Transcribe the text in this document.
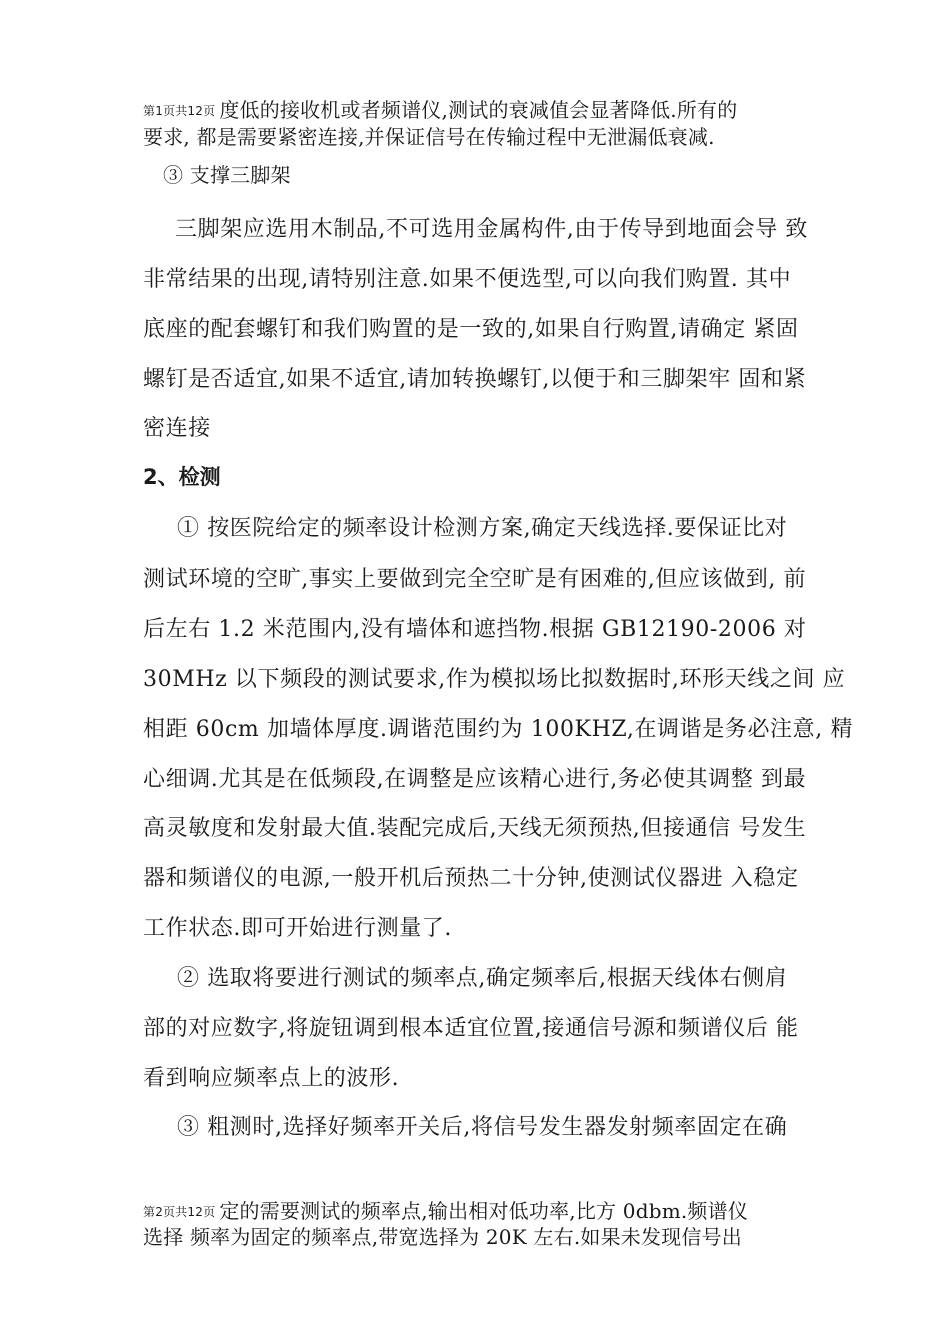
第1页共12页 度低的接收机或者频谱仪,测试的衰减值会显著降低.所有的
要求, 都是需要紧密连接,并保证信号在传输过程中无泄漏低衰减.
③ 支撑三脚架
三脚架应选用木制品,不可选用金属构件,由于传导到地面会导 致
非常结果的出现,请特别注意.如果不便选型,可以向我们购置. 其中
底座的配套螺钉和我们购置的是一致的,如果自行购置,请确定 紧固
螺钉是否适宜,如果不适宜,请加转换螺钉,以便于和三脚架牢 固和紧
密连接
2、检测
① 按医院给定的频率设计检测方案,确定天线选择.要保证比对
测试环境的空旷,事实上要做到完全空旷是有困难的,但应该做到, 前
后左右 1.2 米范围内,没有墙体和遮挡物.根据 GB12190-2006 对
30MHz 以下频段的测试要求,作为模拟场比拟数据时,环形天线之间 应
相距 60cm 加墙体厚度.调谐范围约为 100KHZ,在调谐是务必注意, 精
心细调.尤其是在低频段,在调整是应该精心进行,务必使其调整 到最
高灵敏度和发射最大值.装配完成后,天线无须预热,但接通信 号发生
器和频谱仪的电源,一般开机后预热二十分钟,使测试仪器进 入稳定
工作状态.即可开始进行测量了.
② 选取将要进行测试的频率点,确定频率后,根据天线体右侧肩
部的对应数字,将旋钮调到根本适宜位置,接通信号源和频谱仪后 能
看到响应频率点上的波形.
③ 粗测时,选择好频率开关后,将信号发生器发射频率固定在确
第2页共12页 定的需要测试的频率点,输出相对低功率,比方 0dbm.频谱仪
选择 频率为固定的频率点,带宽选择为 20K 左右.如果未发现信号出
